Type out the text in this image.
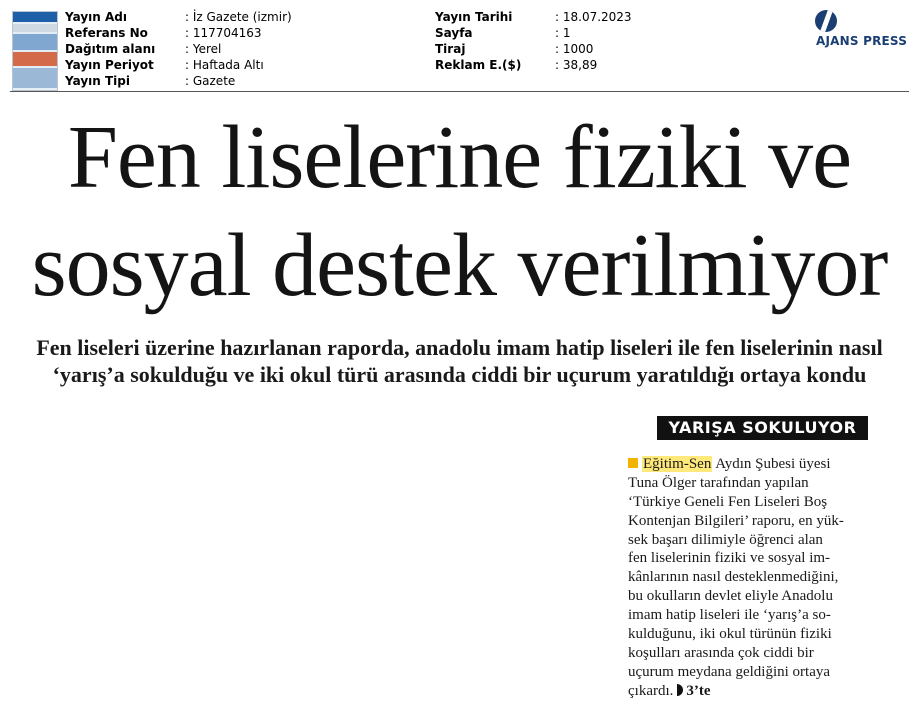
Yayın Adı
Referans No
Dağıtım alanı
Yayın Periyot
Yayın Tipi
: İz Gazete (izmir)
: 117704163
: Yerel
: Haftada Altı
: Gazete
Yayın Tarihi
Sayfa
Tiraj
Reklam E.($)
: 18.07.2023
: 1
: 1000
: 38,89
AJANS PRESS
Fen liselerine fiziki ve
sosyal destek verilmiyor
Fen liseleri üzerine hazırlanan raporda, anadolu imam hatip liseleri ile fen liselerinin nasıl
‘yarış’a sokulduğu ve iki okul türü arasında ciddi bir uçurum yaratıldığı ortaya kondu
YARIŞA SOKULUYOR
Eğitim-Sen Aydın Şubesi üyesi
Tuna Ölger tarafından yapılan
‘Türkiye Geneli Fen Liseleri Boş
Kontenjan Bilgileri’ raporu, en yük-
sek başarı dilimiyle öğrenci alan
fen liselerinin fiziki ve sosyal im-
kânlarının nasıl desteklenmediğini,
bu okulların devlet eliyle Anadolu
imam hatip liseleri ile ‘yarış’a so-
kulduğunu, iki okul türünün fiziki
koşulları arasında çok ciddi bir
uçurum meydana geldiğini ortaya
çıkardı. 3’te
